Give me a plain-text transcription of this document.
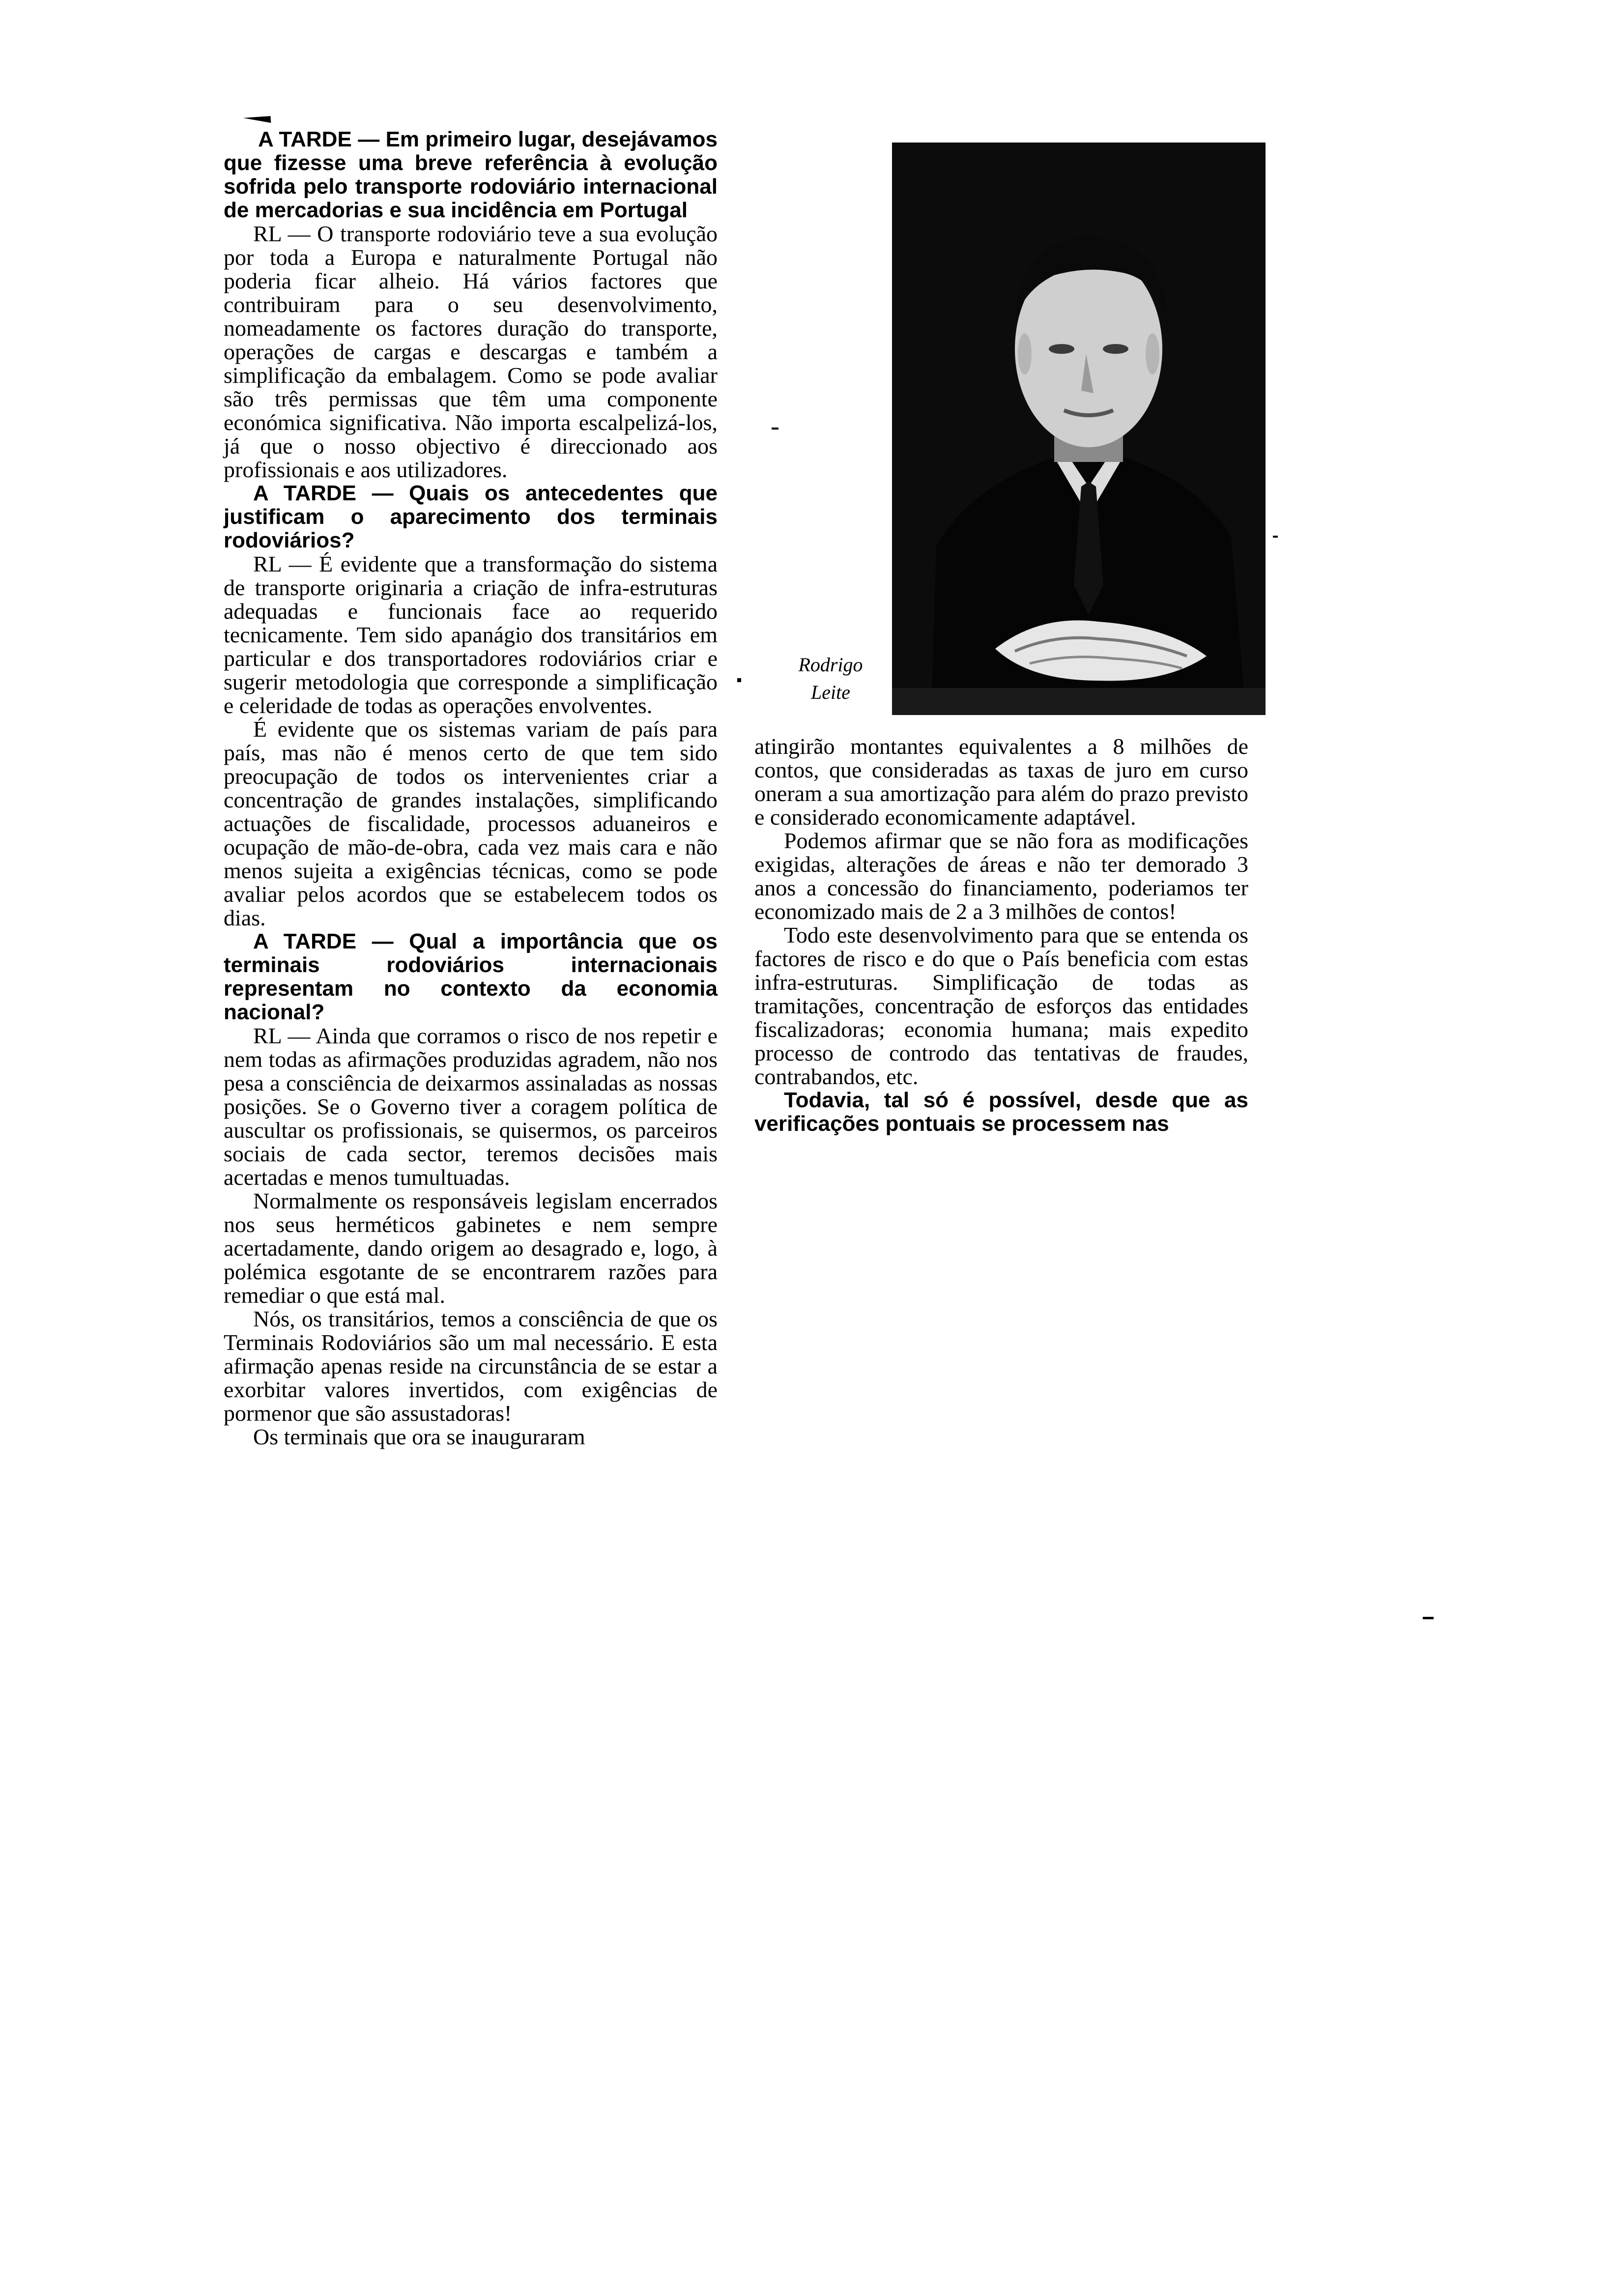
A TARDE — Em primeiro lugar, desejávamos que fizesse uma breve referência à evolução sofrida pelo transporte rodoviário internacional de mercadorias e sua incidência em Portugal

RL — O transporte rodoviário teve a sua evolução por toda a Europa e naturalmente Portugal não poderia ficar alheio. Há vários factores que contribuiram para o seu desenvolvimento, nomeadamente os factores duração do transporte, operações de cargas e descargas e também a simplificação da embalagem. Como se pode avaliar são três permissas que têm uma componente económica significativa. Não importa escalpelizá-los, já que o nosso objectivo é direccionado aos profissionais e aos utilizadores.

A TARDE — Quais os antecedentes que justificam o aparecimento dos terminais rodoviários?

RL — É evidente que a transformação do sistema de transporte originaria a criação de infra-estruturas adequadas e funcionais face ao requerido tecnicamente. Tem sido apanágio dos transitários em particular e dos transportadores rodoviários criar e sugerir metodologia que corresponde a simplificação e celeridade de todas as operações envolventes.

É evidente que os sistemas variam de país para país, mas não é menos certo de que tem sido preocupação de todos os intervenientes criar a concentração de grandes instalações, simplificando actuações de fiscalidade, processos aduaneiros e ocupação de mão-de-obra, cada vez mais cara e não menos sujeita a exigências técnicas, como se pode avaliar pelos acordos que se estabelecem todos os dias.

A TARDE — Qual a importância que os terminais rodoviários internacionais representam no contexto da economia nacional?

RL — Ainda que corramos o risco de nos repetir e nem todas as afirmações produzidas agradem, não nos pesa a consciência de deixarmos assinaladas as nossas posições. Se o Governo tiver a coragem política de auscultar os profissionais, se quisermos, os parceiros sociais de cada sector, teremos decisões mais acertadas e menos tumultuadas.

Normalmente os responsáveis legislam encerrados nos seus herméticos gabinetes e nem sempre acertadamente, dando origem ao desagrado e, logo, à polémica esgotante de se encontrarem razões para remediar o que está mal.

Nós, os transitários, temos a consciência de que os Terminais Rodoviários são um mal necessário. E esta afirmação apenas reside na circunstância de se estar a exorbitar valores invertidos, com exigências de pormenor que são assustadoras!

Os terminais que ora se inauguraram

Rodrigo Leite

atingirão montantes equivalentes a 8 milhões de contos, que consideradas as taxas de juro em curso oneram a sua amortização para além do prazo previsto e considerado economicamente adaptável.

Podemos afirmar que se não fora as modificações exigidas, alterações de áreas e não ter demorado 3 anos a concessão do financiamento, poderiamos ter economizado mais de 2 a 3 milhões de contos!

Todo este desenvolvimento para que se entenda os factores de risco e do que o País beneficia com estas infra-estruturas. Simplificação de todas as tramitações, concentração de esforços das entidades fiscalizadoras; economia humana; mais expedito processo de controdo das tentativas de fraudes, contrabandos, etc.

Todavia, tal só é possível, desde que as verificações pontuais se processem nas
